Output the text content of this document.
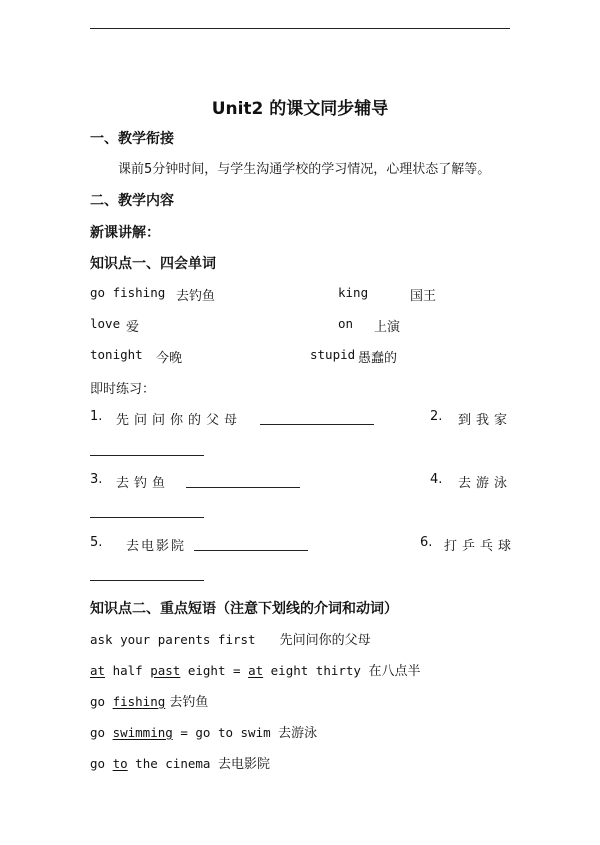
Unit2 的课文同步辅导
一、教学衔接
课前5分钟时间，与学生沟通学校的学习情况，心理状态了解等。
二、教学内容
新课讲解：
知识点一、四会单词
go fishing 去钓鱼	king	国王
love 爱	on 上演
tonight 今晚	stupid 愚蠢的
即时练习：
1. 先问问你的父母	2. 到我家
3. 去钓鱼	4. 去游泳
5. 去电影院	6. 打乒乓球
知识点二、重点短语（注意下划线的介词和动词）
ask your parents first 先问问你的父母
at half past eight = at eight thirty 在八点半
go fishing 去钓鱼
go swimming = go to swim 去游泳
go to the cinema 去电影院
